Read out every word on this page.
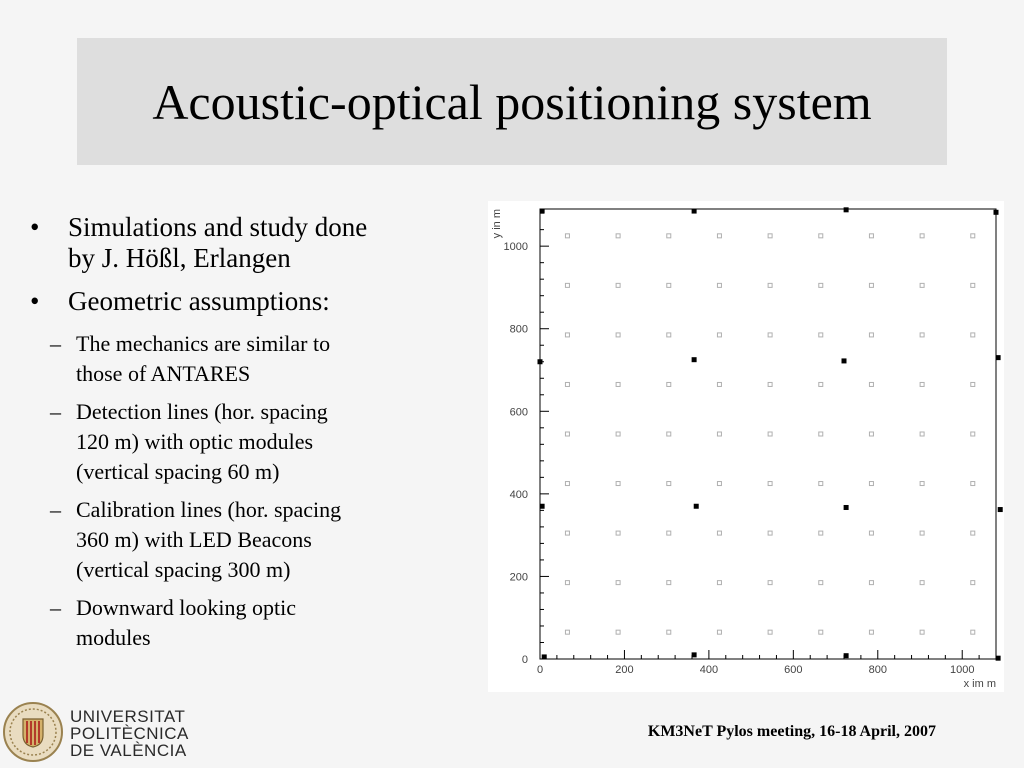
Acoustic-optical positioning system
• Simulations and study done
by J. Hößl, Erlangen
• Geometric assumptions:
– The mechanics are similar to

those of ANTARES

– Detection lines (hor. spacing

120 m) with optic modules

(vertical spacing 60 m)

– Calibration lines (hor. spacing

360 m) with LED Beacons

(vertical spacing 300 m)

– Downward looking optic

modules

0	200	400	600	800	1000
0
200
400
600
800
1000
x im m
y in m
UNIVERSITAT
POLITÈCNICA
DE VALÈNCIA
KM3NeT Pylos meeting, 16-18 April, 2007
